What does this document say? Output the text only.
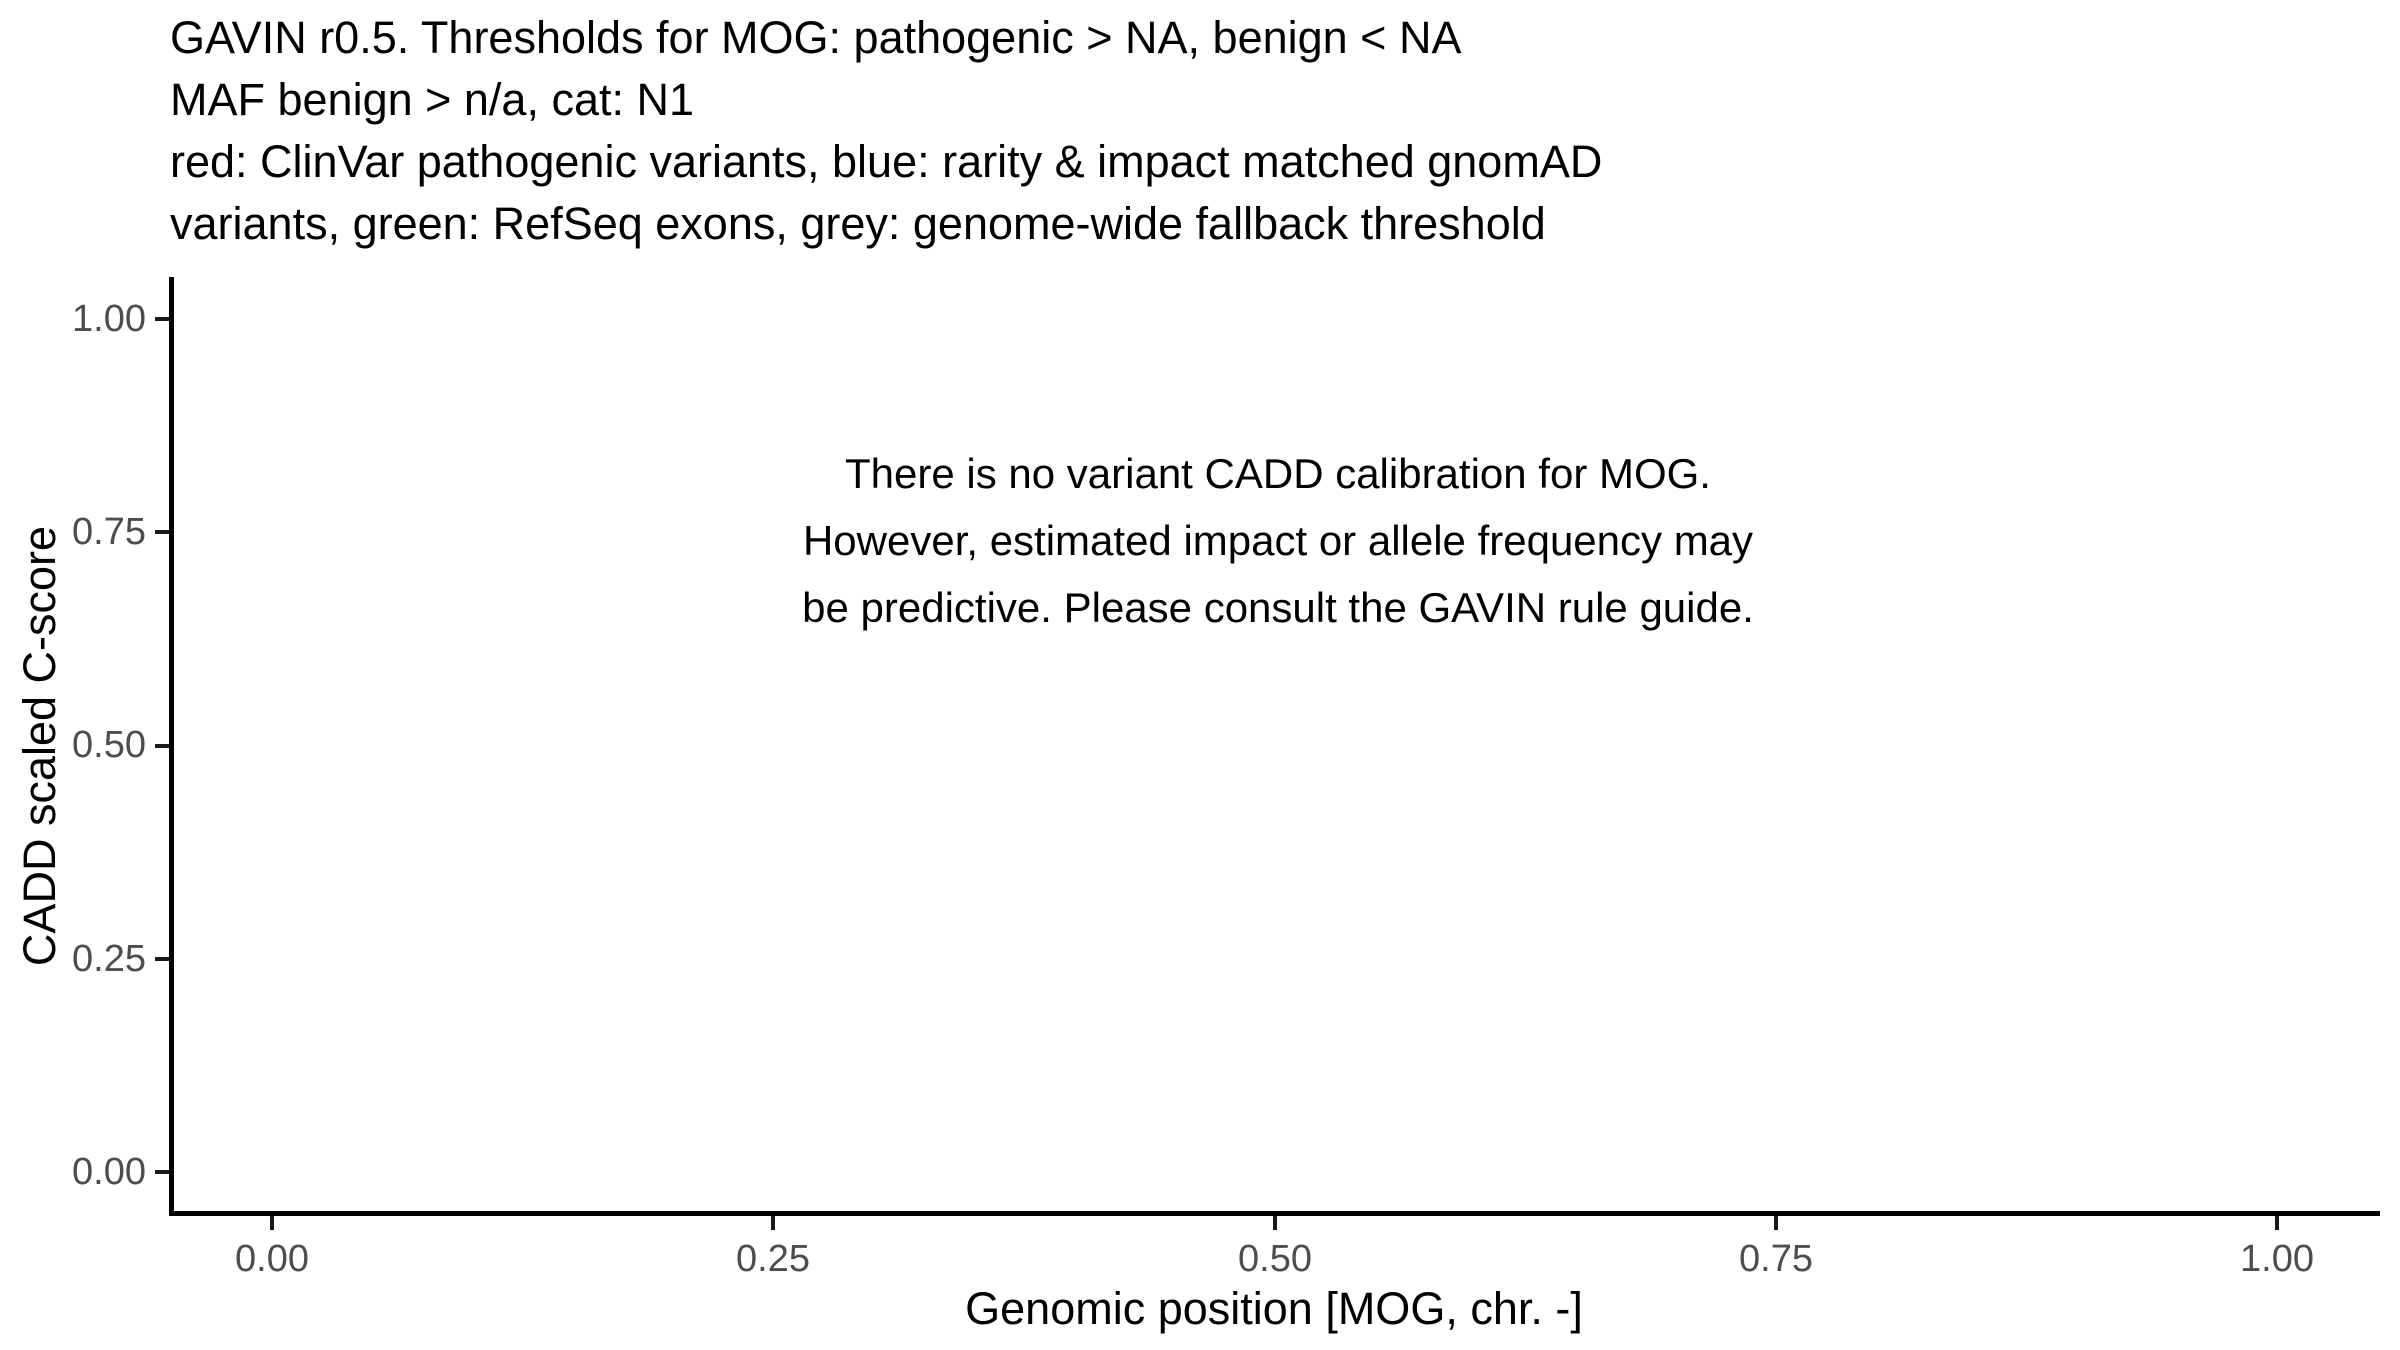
GAVIN r0.5. Thresholds for MOG: pathogenic > NA, benign < NA
MAF benign > n/a, cat: N1
red: ClinVar pathogenic variants, blue: rarity & impact matched gnomAD
variants, green: RefSeq exons, grey: genome-wide fallback threshold
0.00
0.25
0.50
0.75
1.00
0.00	0.25	0.50	0.75	1.00
CADD scaled C-score
Genomic position [MOG, chr. -]
There is no variant CADD calibration for MOG.
However, estimated impact or allele frequency may
be predictive. Please consult the GAVIN rule guide.
